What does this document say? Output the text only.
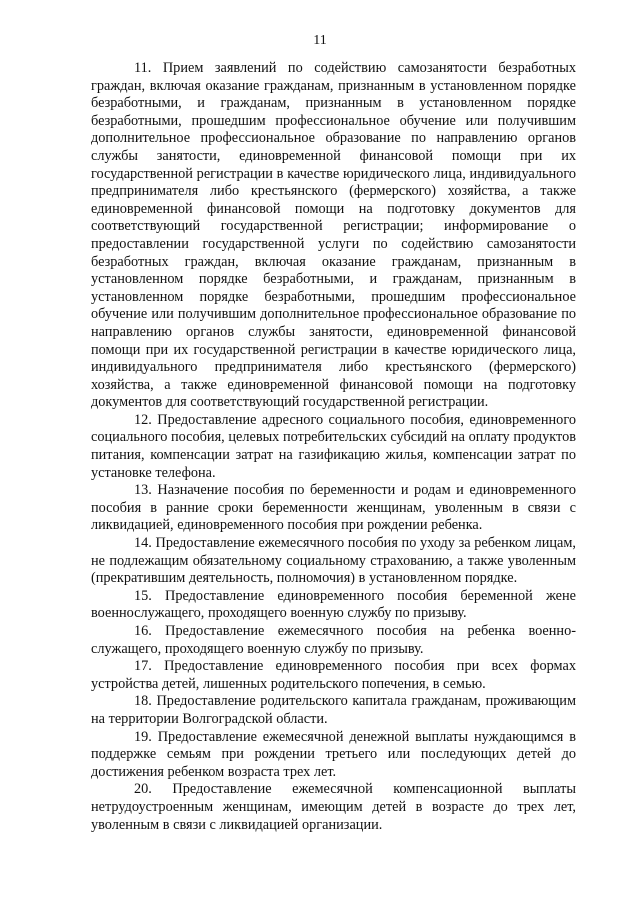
11

11. Прием заявлений по содействию самозанятости безработных граждан, включая оказание гражданам, признанным в установленном порядке безработными, и гражданам, признанным в установленном порядке безработными, прошедшим профессиональное обучение или получившим дополнительное профессиональное образование по направлению органов службы занятости, единовременной финансовой помощи при их государственной регистрации в качестве юридического лица, индивидуального предпринимателя либо крестьянского (фермерского) хозяйства, а также единовременной финансовой помощи на подготовку документов для соответствующий государственной регистрации; информирование о предоставлении государственной услуги по содействию самозанятости безработных граждан, включая оказание гражданам, признанным в установленном порядке безработными, и гражданам, признанным в установленном порядке безработными, прошедшим профессиональное обучение или получившим дополнительное профессиональное образование по направлению органов службы занятости, единовременной финансовой помощи при их государственной регистрации в качестве юридического лица, индивидуального предпринимателя либо крестьянского (фермерского) хозяйства, а также единовременной финансовой помощи на подготовку документов для соответствующий государственной регистрации.

12. Предоставление адресного социального пособия, единовременного социального пособия, целевых потребительских субсидий на оплату продуктов питания, компенсации затрат на газификацию жилья, компенсации затрат по установке телефона.

13. Назначение пособия по беременности и родам и единовременного пособия в ранние сроки беременности женщинам, уволенным в связи с ликвидацией, единовременного пособия при рождении ребенка.

14. Предоставление ежемесячного пособия по уходу за ребенком лицам, не подлежащим обязательному социальному страхованию, а также уволенным (прекратившим деятельность, полномочия) в установленном порядке.

15. Предоставление единовременного пособия беременной жене военнослужащего, проходящего военную службу по призыву.

16. Предоставление ежемесячного пособия на ребенка военнослужащего, проходящего военную службу по призыву.

17. Предоставление единовременного пособия при всех формах устройства детей, лишенных родительского попечения, в семью.

18. Предоставление родительского капитала гражданам, проживающим на территории Волгоградской области.

19. Предоставление ежемесячной денежной выплаты нуждающимся в поддержке семьям при рождении третьего или последующих детей до достижения ребенком возраста трех лет.

20. Предоставление ежемесячной компенсационной выплаты нетрудоустроенным женщинам, имеющим детей в возрасте до трех лет, уволенным в связи с ликвидацией организации.
